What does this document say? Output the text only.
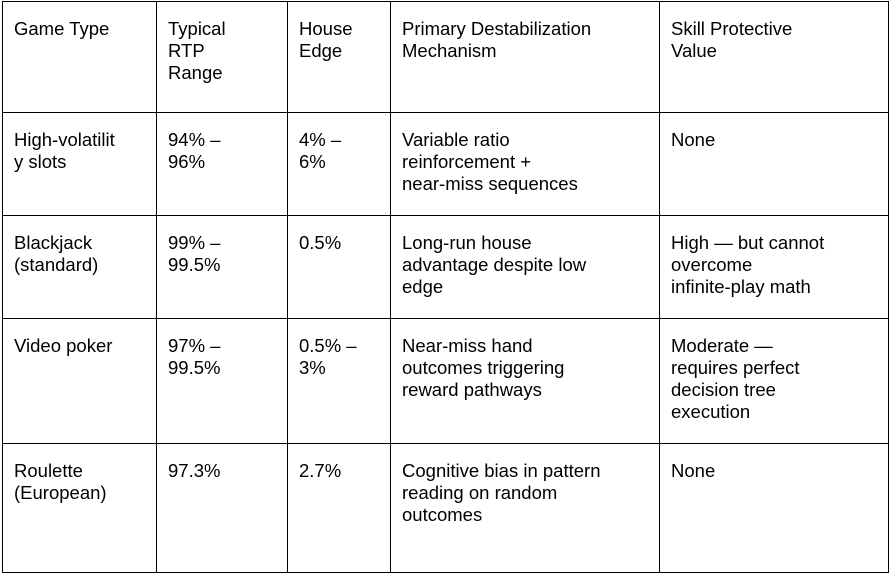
Game Type	Typical
RTP
Range	House
Edge	Primary Destabilization
Mechanism	Skill Protective
Value
High-volatilit
y slots	94% –
96%	4% –
6%	Variable ratio
reinforcement +
near-miss sequences	None
Blackjack
(standard)	99% –
99.5%	0.5%	Long-run house
advantage despite low
edge	High — but cannot
overcome
infinite-play math
Video poker	97% –
99.5%	0.5% –
3%	Near-miss hand
outcomes triggering
reward pathways	Moderate —
requires perfect
decision tree
execution
Roulette
(European)	97.3%	2.7%	Cognitive bias in pattern
reading on random
outcomes	None
